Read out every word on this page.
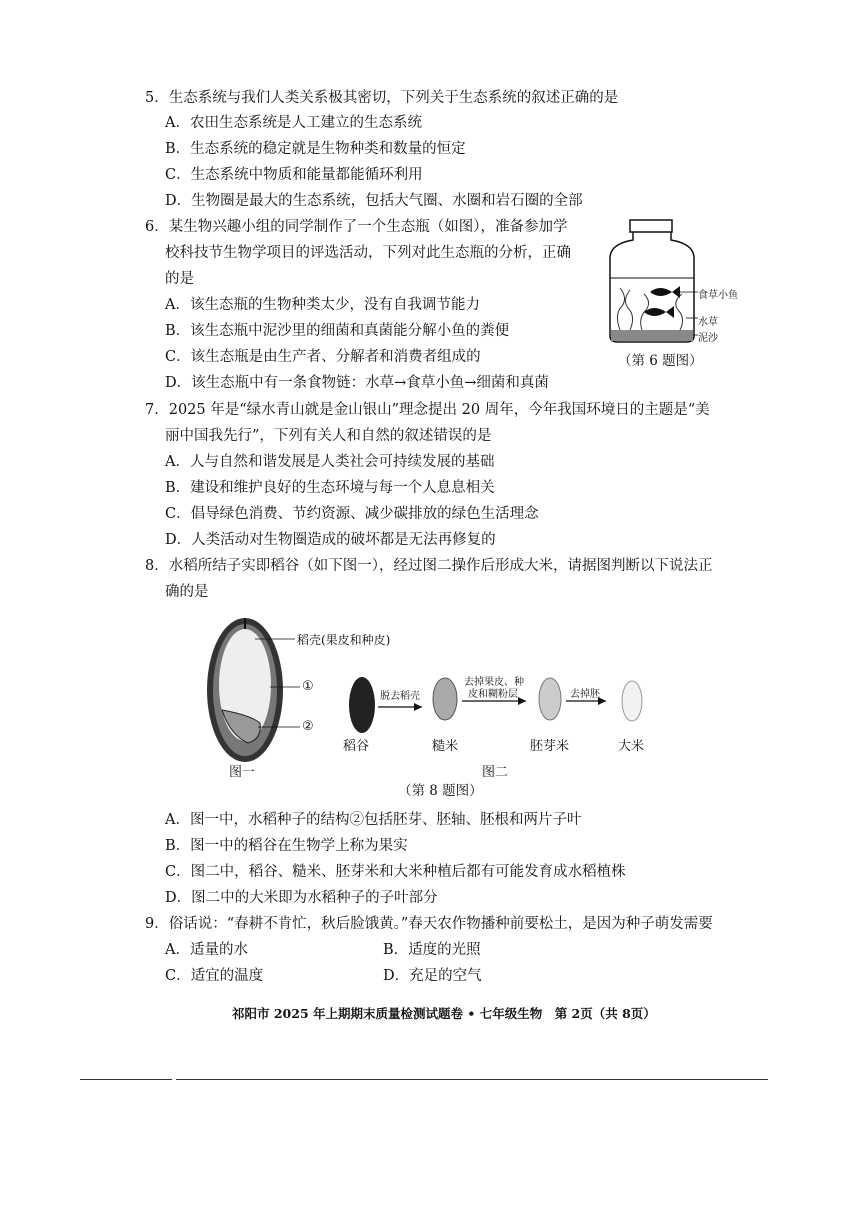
5．生态系统与我们人类关系极其密切，下列关于生态系统的叙述正确的是
A．农田生态系统是人工建立的生态系统
B．生态系统的稳定就是生物种类和数量的恒定
C．生态系统中物质和能量都能循环利用
D．生物圈是最大的生态系统，包括大气圈、水圈和岩石圈的全部
6．某生物兴趣小组的同学制作了一个生态瓶（如图），准备参加学
校科技节生物学项目的评选活动，下列对此生态瓶的分析，正确
的是
A．该生态瓶的生物种类太少，没有自我调节能力
B．该生态瓶中泥沙里的细菌和真菌能分解小鱼的粪便
C．该生态瓶是由生产者、分解者和消费者组成的
D．该生态瓶中有一条食物链：水草→食草小鱼→细菌和真菌
食草小鱼
水草
泥沙
（第 6 题图）
7．2025 年是“绿水青山就是金山银山”理念提出 20 周年，今年我国环境日的主题是“美
丽中国我先行”，下列有关人和自然的叙述错误的是
A．人与自然和谐发展是人类社会可持续发展的基础
B．建设和维护良好的生态环境与每一个人息息相关
C．倡导绿色消费、节约资源、减少碳排放的绿色生活理念
D．人类活动对生物圈造成的破坏都是无法再修复的
8．水稻所结子实即稻谷（如下图一），经过图二操作后形成大米，请据图判断以下说法正
确的是
稻壳(果皮和种皮)
①
②
脱去稻壳
去掉果皮、种
皮和糊粉层	去掉胚
稻谷	糙米	胚芽米	大米
图一	图二
（第 8 题图）
A．图一中，水稻种子的结构②包括胚芽、胚轴、胚根和两片子叶
B．图一中的稻谷在生物学上称为果实
C．图二中，稻谷、糙米、胚芽米和大米种植后都有可能发育成水稻植株
D．图二中的大米即为水稻种子的子叶部分
9．俗话说：“春耕不肯忙，秋后脸饿黄。”春天农作物播种前要松土，是因为种子萌发需要
A．适量的水	B．适度的光照
C．适宜的温度	D．充足的空气
祁阳市 2025 年上期期末质量检测试题卷 • 七年级生物　第 2页（共 8页）
